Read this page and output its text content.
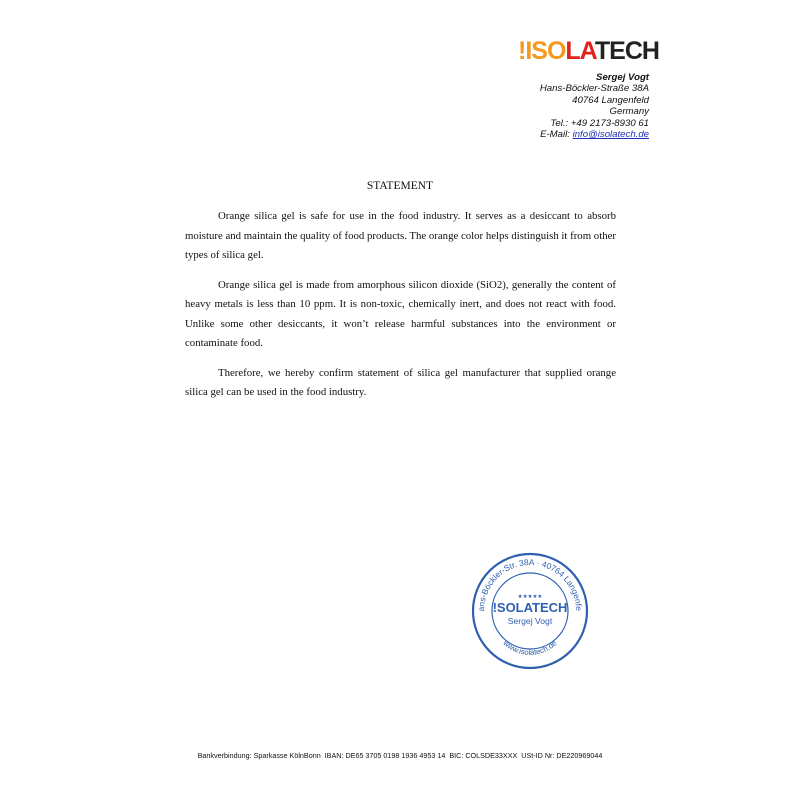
!ISOLATECH
Sergej Vogt
Hans-Böckler-Straße 38A
40764 Langenfeld
Germany
Tel.: +49 2173-8930 61
E-Mail: info@isolatech.de
STATEMENT

Orange silica gel is safe for use in the food industry. It serves as a desiccant to absorb moisture and maintain the quality of food products. The orange color helps distinguish it from other types of silica gel.

Orange silica gel is made from amorphous silicon dioxide (SiO2), generally the content of heavy metals is less than 10 ppm. It is non-toxic, chemically inert, and does not react with food. Unlike some other desiccants, it won’t release harmful substances into the environment or contaminate food.

Therefore, we hereby confirm statement of silica gel manufacturer that supplied orange silica gel can be used in the food industry.

ans-Böckler-Str. 38A · 40764 Langenfe
★★★★★
!SOLATECH
Sergej Vogt
www.isolatech.de
Bankverbindung: Sparkasse KölnBonn  IBAN: DE65 3705 0198 1936 4953 14  BIC: COLSDE33XXX  USt-ID Nr: DE220969044
